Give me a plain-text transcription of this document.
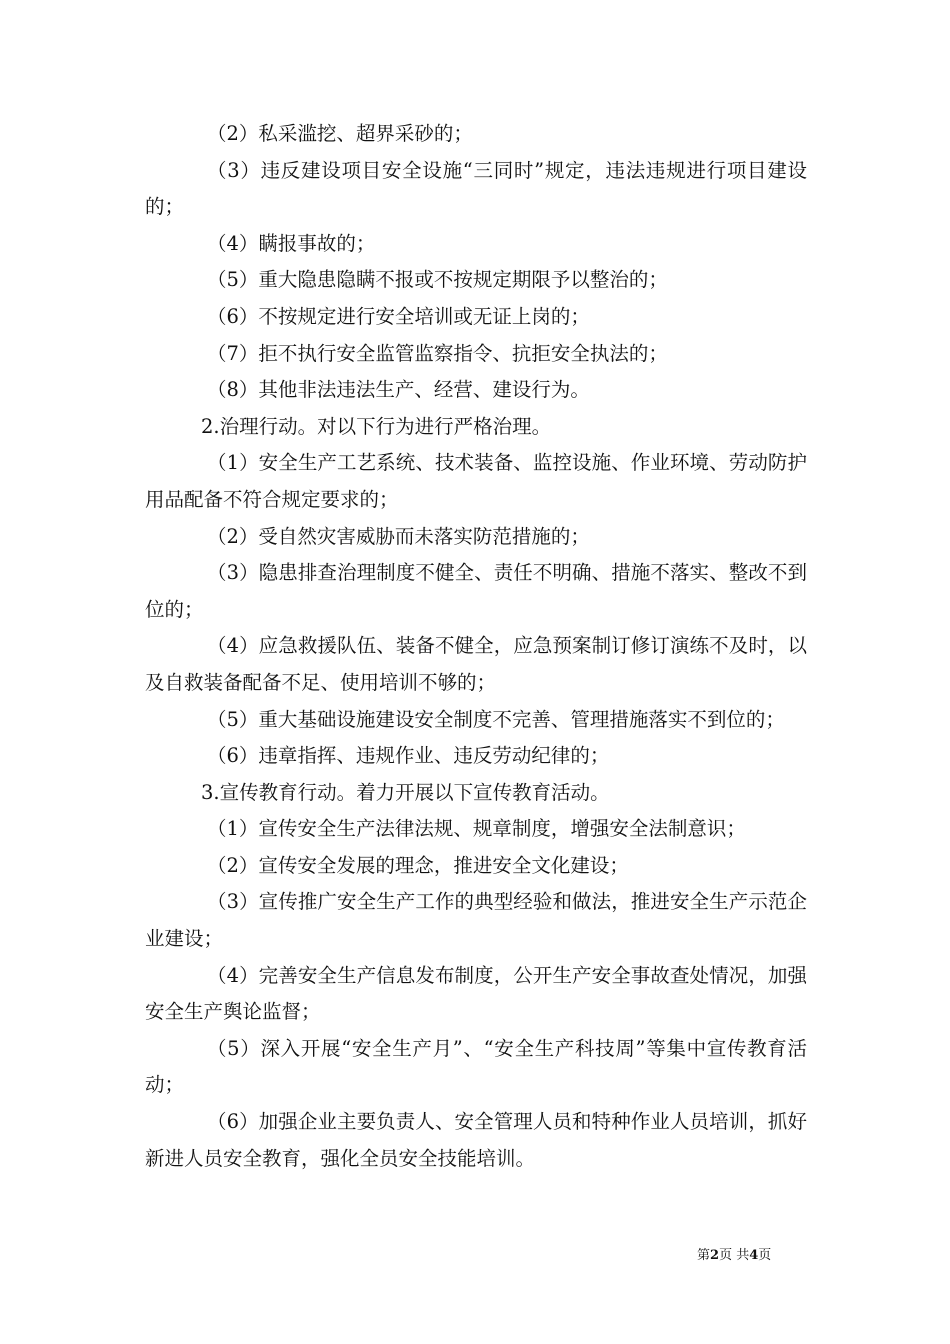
（2）私采滥挖、超界采砂的；

（3）违反建设项目安全设施“三同时”规定，违法违规进行项目建设的；

（4）瞒报事故的；

（5）重大隐患隐瞒不报或不按规定期限予以整治的；

（6）不按规定进行安全培训或无证上岗的；

（7）拒不执行安全监管监察指令、抗拒安全执法的；

（8）其他非法违法生产、经营、建设行为。

2.治理行动。对以下行为进行严格治理。

（1）安全生产工艺系统、技术装备、监控设施、作业环境、劳动防护用品配备不符合规定要求的；

（2）受自然灾害威胁而未落实防范措施的；

（3）隐患排查治理制度不健全、责任不明确、措施不落实、整改不到位的；

（4）应急救援队伍、装备不健全，应急预案制订修订演练不及时，以及自救装备配备不足、使用培训不够的；

（5）重大基础设施建设安全制度不完善、管理措施落实不到位的；

（6）违章指挥、违规作业、违反劳动纪律的；

3.宣传教育行动。着力开展以下宣传教育活动。

（1）宣传安全生产法律法规、规章制度，增强安全法制意识；

（2）宣传安全发展的理念，推进安全文化建设；

（3）宣传推广安全生产工作的典型经验和做法，推进安全生产示范企业建设；

（4）完善安全生产信息发布制度，公开生产安全事故查处情况，加强安全生产舆论监督；

（5）深入开展“安全生产月”、“安全生产科技周”等集中宣传教育活动；

（6）加强企业主要负责人、安全管理人员和特种作业人员培训，抓好新进人员安全教育，强化全员安全技能培训。

第2页 共4页
